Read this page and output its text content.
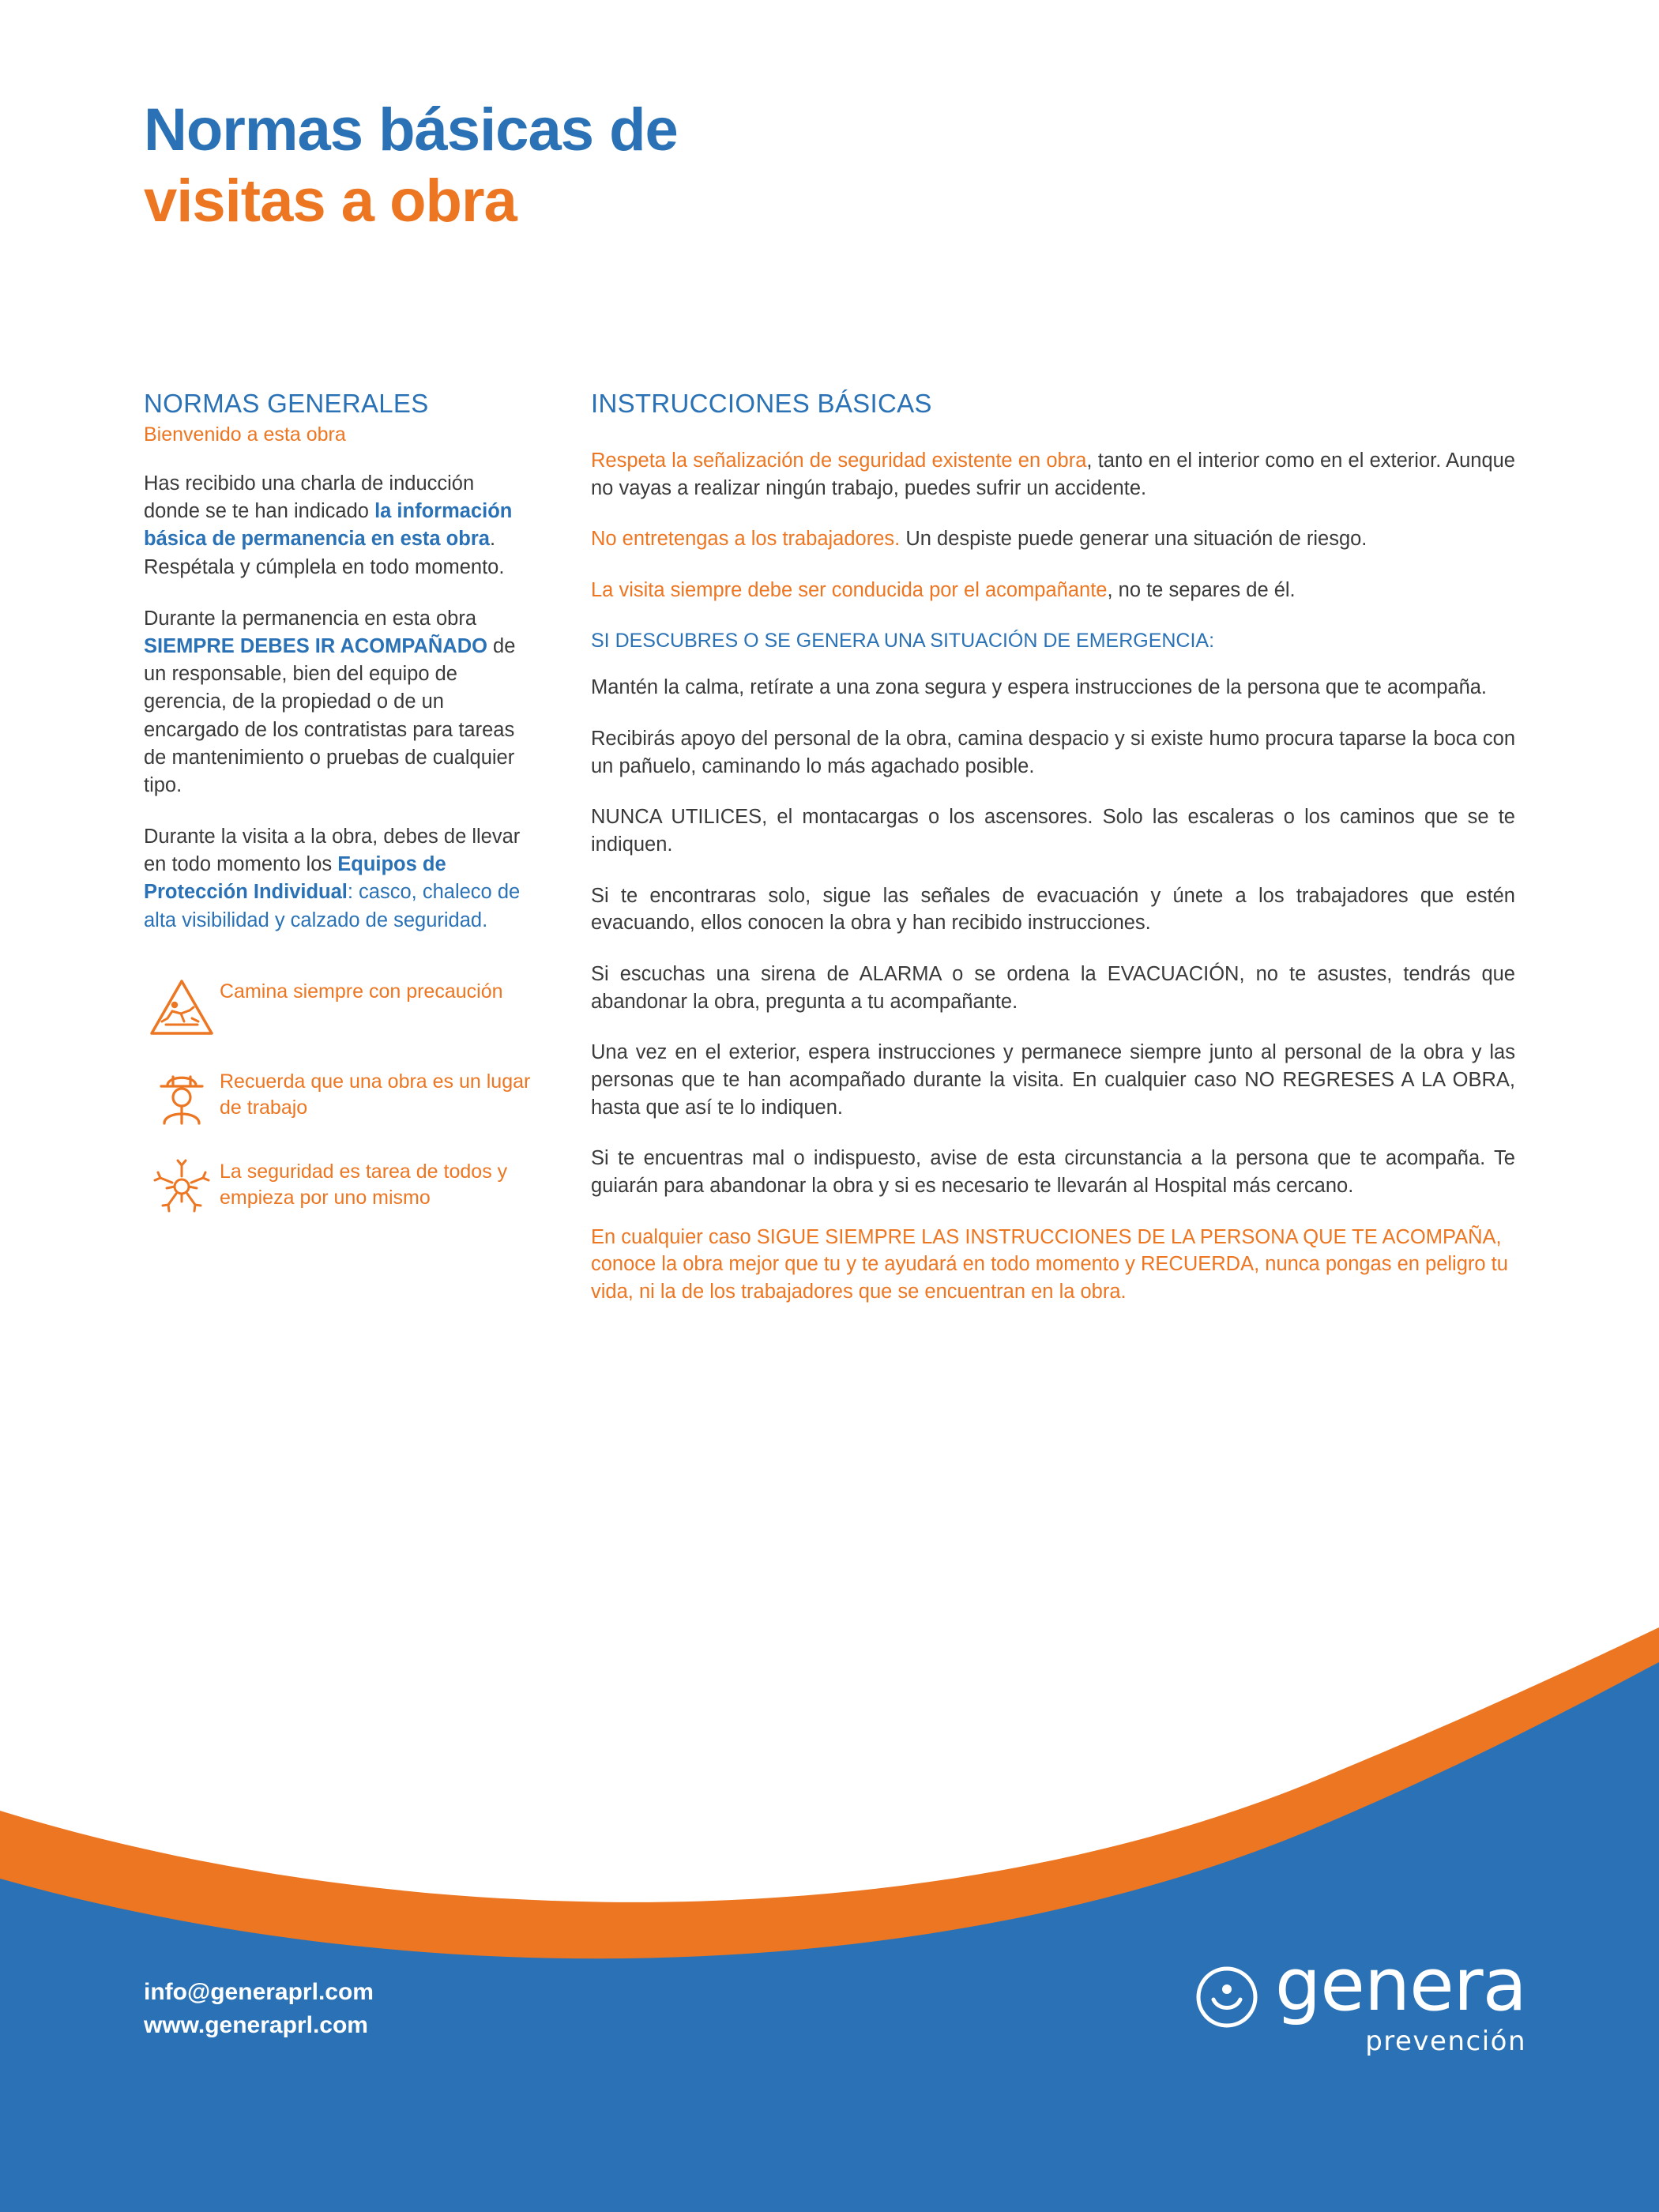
Normas básicas de
visitas a obra
NORMAS GENERALES
Bienvenido a esta obra

Has recibido una charla de inducción donde se te han indicado la información básica de permanencia en esta obra. Respétala y cúmplela en todo momento.

Durante la permanencia en esta obra SIEMPRE DEBES IR ACOMPAÑADO de un responsable, bien del equipo de gerencia, de la propiedad o de un encargado de los contratistas para tareas de mantenimiento o pruebas de cualquier tipo.

Durante la visita a la obra, debes de llevar en todo momento los Equipos de Protección Individual: casco, chaleco de alta visibilidad y calzado de seguridad.

Camina siempre con precaución
Recuerda que una obra es un lugar de trabajo
La seguridad es tarea de todos y empieza por uno mismo
INSTRUCCIONES BÁSICAS

Respeta la señalización de seguridad existente en obra, tanto en el interior como en el exterior. Aunque no vayas a realizar ningún trabajo, puedes sufrir un accidente.

No entretengas a los trabajadores. Un despiste puede generar una situación de riesgo.

La visita siempre debe ser conducida por el acompañante, no te separes de él.

SI DESCUBRES O SE GENERA UNA SITUACIÓN DE EMERGENCIA:

Mantén la calma, retírate a una zona segura y espera instrucciones de la persona que te acompaña.

Recibirás apoyo del personal de la obra, camina despacio y si existe humo procura taparse la boca con un pañuelo, caminando lo más agachado posible.

NUNCA UTILICES, el montacargas o los ascensores. Solo las escaleras o los caminos que se te indiquen.

Si te encontraras solo, sigue las señales de evacuación y únete a los trabajadores que estén evacuando, ellos conocen la obra y han recibido instrucciones.

Si escuchas una sirena de ALARMA o se ordena la EVACUACIÓN, no te asustes, tendrás que abandonar la obra, pregunta a tu acompañante.

Una vez en el exterior, espera instrucciones y permanece siempre junto al personal de la obra y las personas que te han acompañado durante la visita. En cualquier caso NO REGRESES A LA OBRA, hasta que así te lo indiquen.

Si te encuentras mal o indispuesto, avise de esta circunstancia a la persona que te acompaña. Te guiarán para abandonar la obra y si es necesario te llevarán al Hospital más cercano.

En cualquier caso SIGUE SIEMPRE LAS INSTRUCCIONES DE LA PERSONA QUE TE ACOMPAÑA, conoce la obra mejor que tu y te ayudará en todo momento y RECUERDA, nunca pongas en peligro tu vida, ni la de los trabajadores que se encuentran en la obra.

info@generaprl.com
www.generaprl.com	genera
prevención
